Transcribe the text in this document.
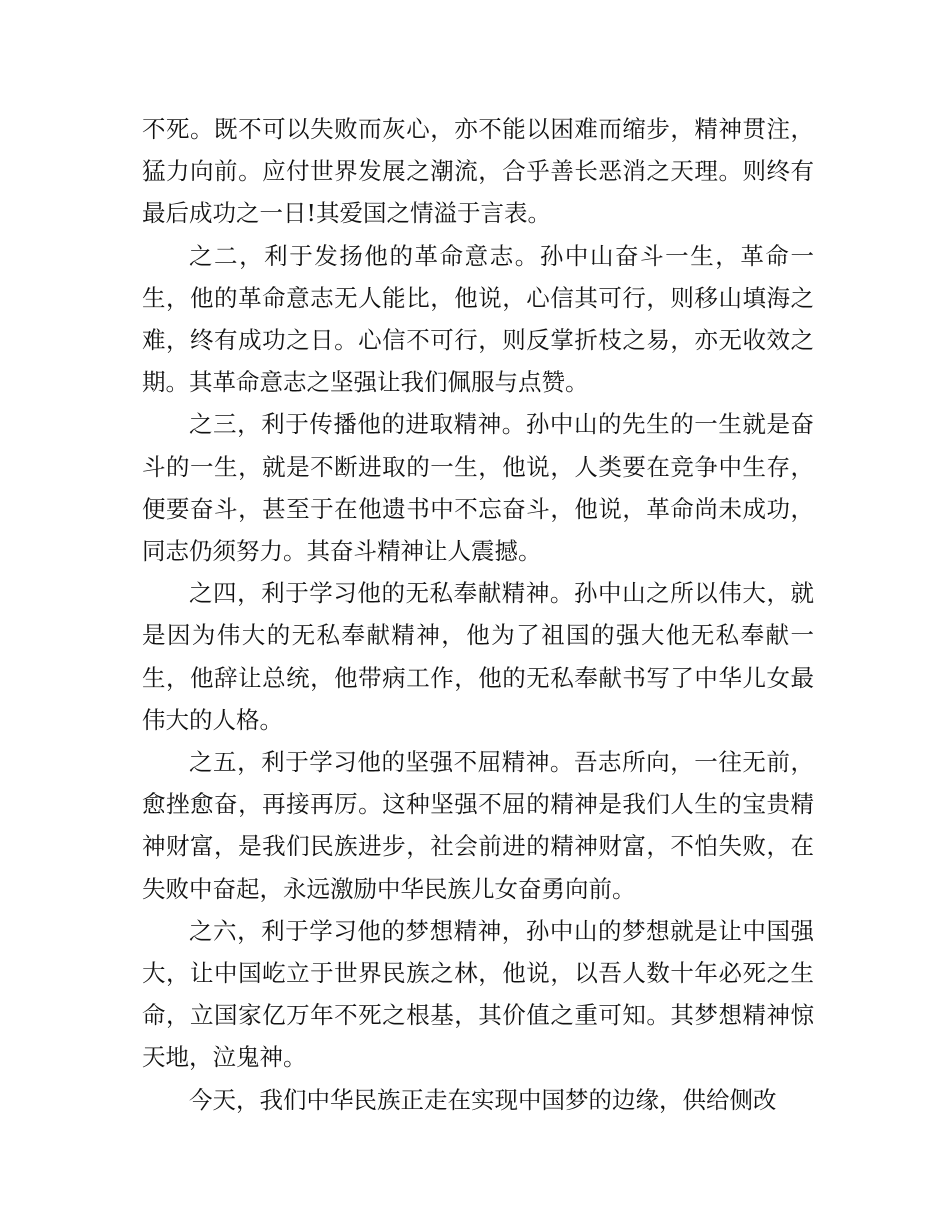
不死。既不可以失败而灰心，亦不能以困难而缩步，精神贯注，猛力向前。应付世界发展之潮流，合乎善长恶消之天理。则终有最后成功之一日!其爱国之情溢于言表。

之二，利于发扬他的革命意志。孙中山奋斗一生，革命一生，他的革命意志无人能比，他说，心信其可行，则移山填海之难，终有成功之日。心信不可行，则反掌折枝之易，亦无收效之期。其革命意志之坚强让我们佩服与点赞。

之三，利于传播他的进取精神。孙中山的先生的一生就是奋斗的一生，就是不断进取的一生，他说，人类要在竞争中生存，便要奋斗，甚至于在他遗书中不忘奋斗，他说，革命尚未成功，同志仍须努力。其奋斗精神让人震撼。

之四，利于学习他的无私奉献精神。孙中山之所以伟大，就是因为伟大的无私奉献精神，他为了祖国的强大他无私奉献一生，他辞让总统，他带病工作，他的无私奉献书写了中华儿女最伟大的人格。

之五，利于学习他的坚强不屈精神。吾志所向，一往无前，愈挫愈奋，再接再厉。这种坚强不屈的精神是我们人生的宝贵精神财富，是我们民族进步，社会前进的精神财富，不怕失败，在失败中奋起，永远激励中华民族儿女奋勇向前。

之六，利于学习他的梦想精神，孙中山的梦想就是让中国强大，让中国屹立于世界民族之林，他说，以吾人数十年必死之生命，立国家亿万年不死之根基，其价值之重可知。其梦想精神惊天地，泣鬼神。

今天，我们中华民族正走在实现中国梦的边缘，供给侧改
